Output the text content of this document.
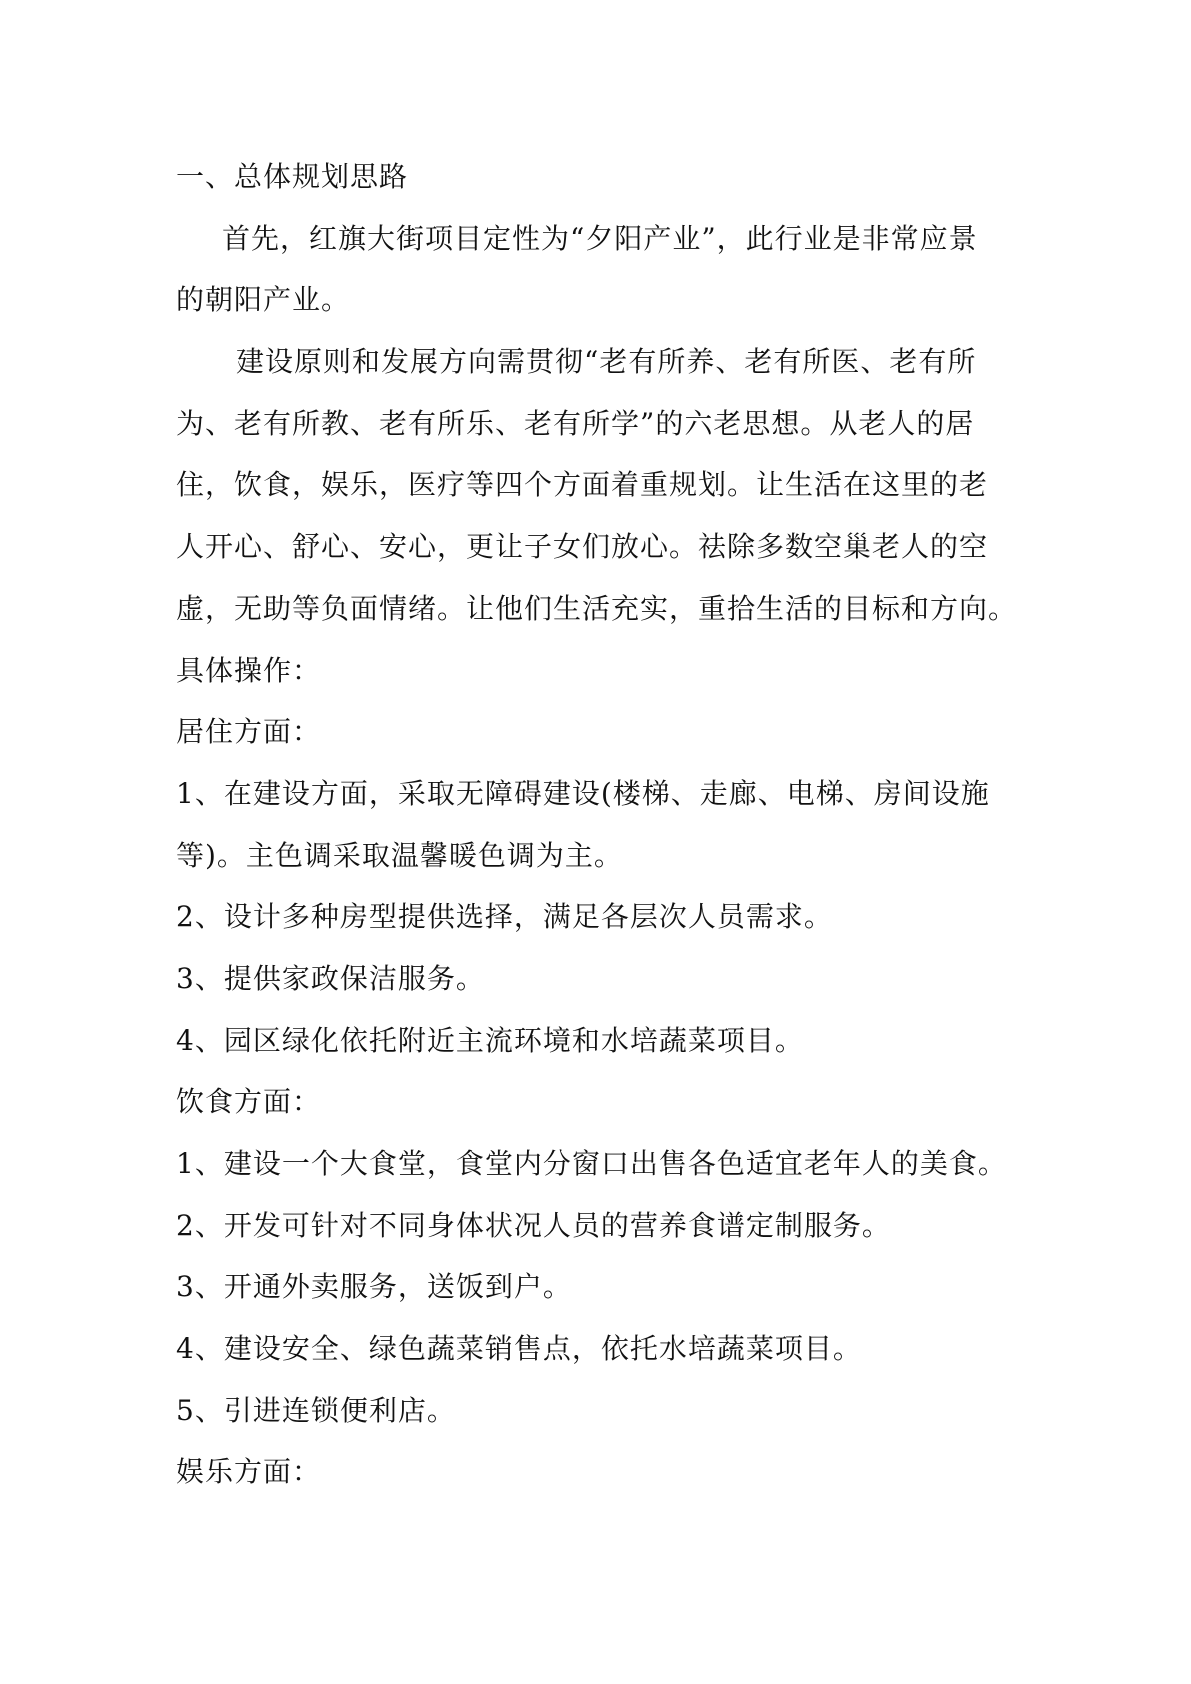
一、总体规划思路

首先，红旗大街项目定性为“夕阳产业”，此行业是非常应景

的朝阳产业。

建设原则和发展方向需贯彻“老有所养、老有所医、老有所

为、老有所教、老有所乐、老有所学”的六老思想。从老人的居

住，饮食，娱乐，医疗等四个方面着重规划。让生活在这里的老

人开心、舒心、安心，更让子女们放心。祛除多数空巢老人的空

虚，无助等负面情绪。让他们生活充实，重拾生活的目标和方向。

具体操作：

居住方面：

1、在建设方面，采取无障碍建设(楼梯、走廊、电梯、房间设施

等)。主色调采取温馨暖色调为主。

2、设计多种房型提供选择，满足各层次人员需求。

3、提供家政保洁服务。

4、园区绿化依托附近主流环境和水培蔬菜项目。

饮食方面：

1、建设一个大食堂，食堂内分窗口出售各色适宜老年人的美食。

2、开发可针对不同身体状况人员的营养食谱定制服务。

3、开通外卖服务，送饭到户。

4、建设安全、绿色蔬菜销售点，依托水培蔬菜项目。

5、引进连锁便利店。

娱乐方面：
